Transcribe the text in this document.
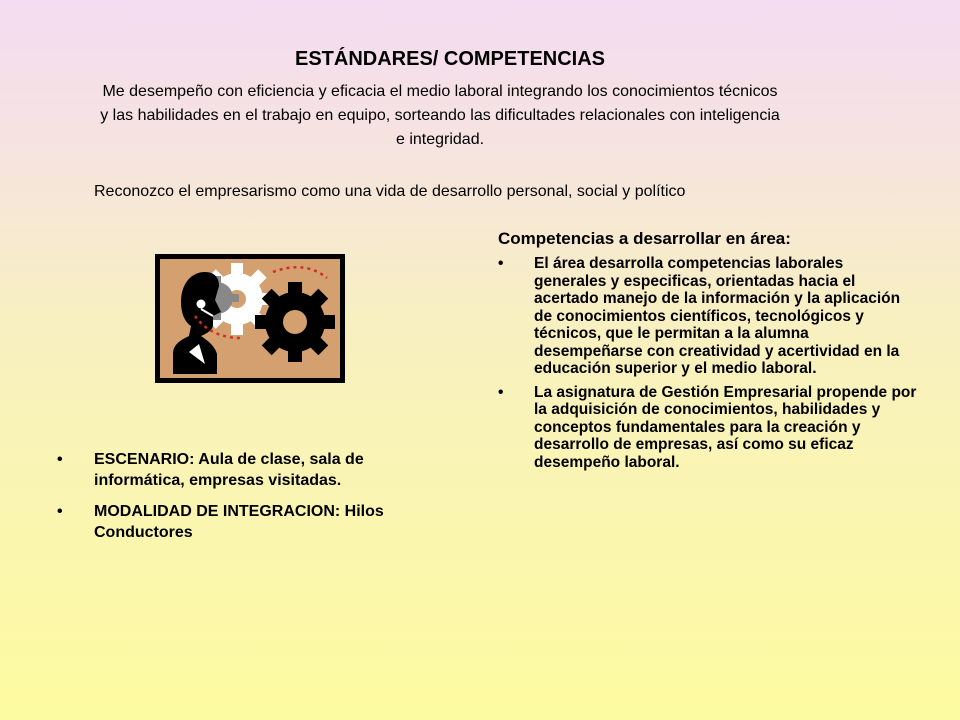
ESTÁNDARES/ COMPETENCIAS

Me desempeño con eficiencia y eficacia el medio laboral integrando los conocimientos técnicos y las habilidades en el trabajo en equipo, sorteando las dificultades relacionales con inteligencia e integridad.

Reconozco el empresarismo como una vida de desarrollo personal, social y político

• ESCENARIO: Aula de clase, sala de informática, empresas visitadas.
• MODALIDAD DE INTEGRACION: Hilos Conductores
Competencias a desarrollar en área:
• El área desarrolla competencias laborales generales y especificas, orientadas hacia el acertado manejo de la información y la aplicación de conocimientos científicos, tecnológicos y técnicos, que le permitan a la alumna desempeñarse con creatividad y acertividad en la educación superior y el medio laboral.
• La asignatura de Gestión Empresarial propende por la adquisición de conocimientos, habilidades y conceptos fundamentales para la creación y desarrollo de empresas, así como su eficaz desempeño laboral.
